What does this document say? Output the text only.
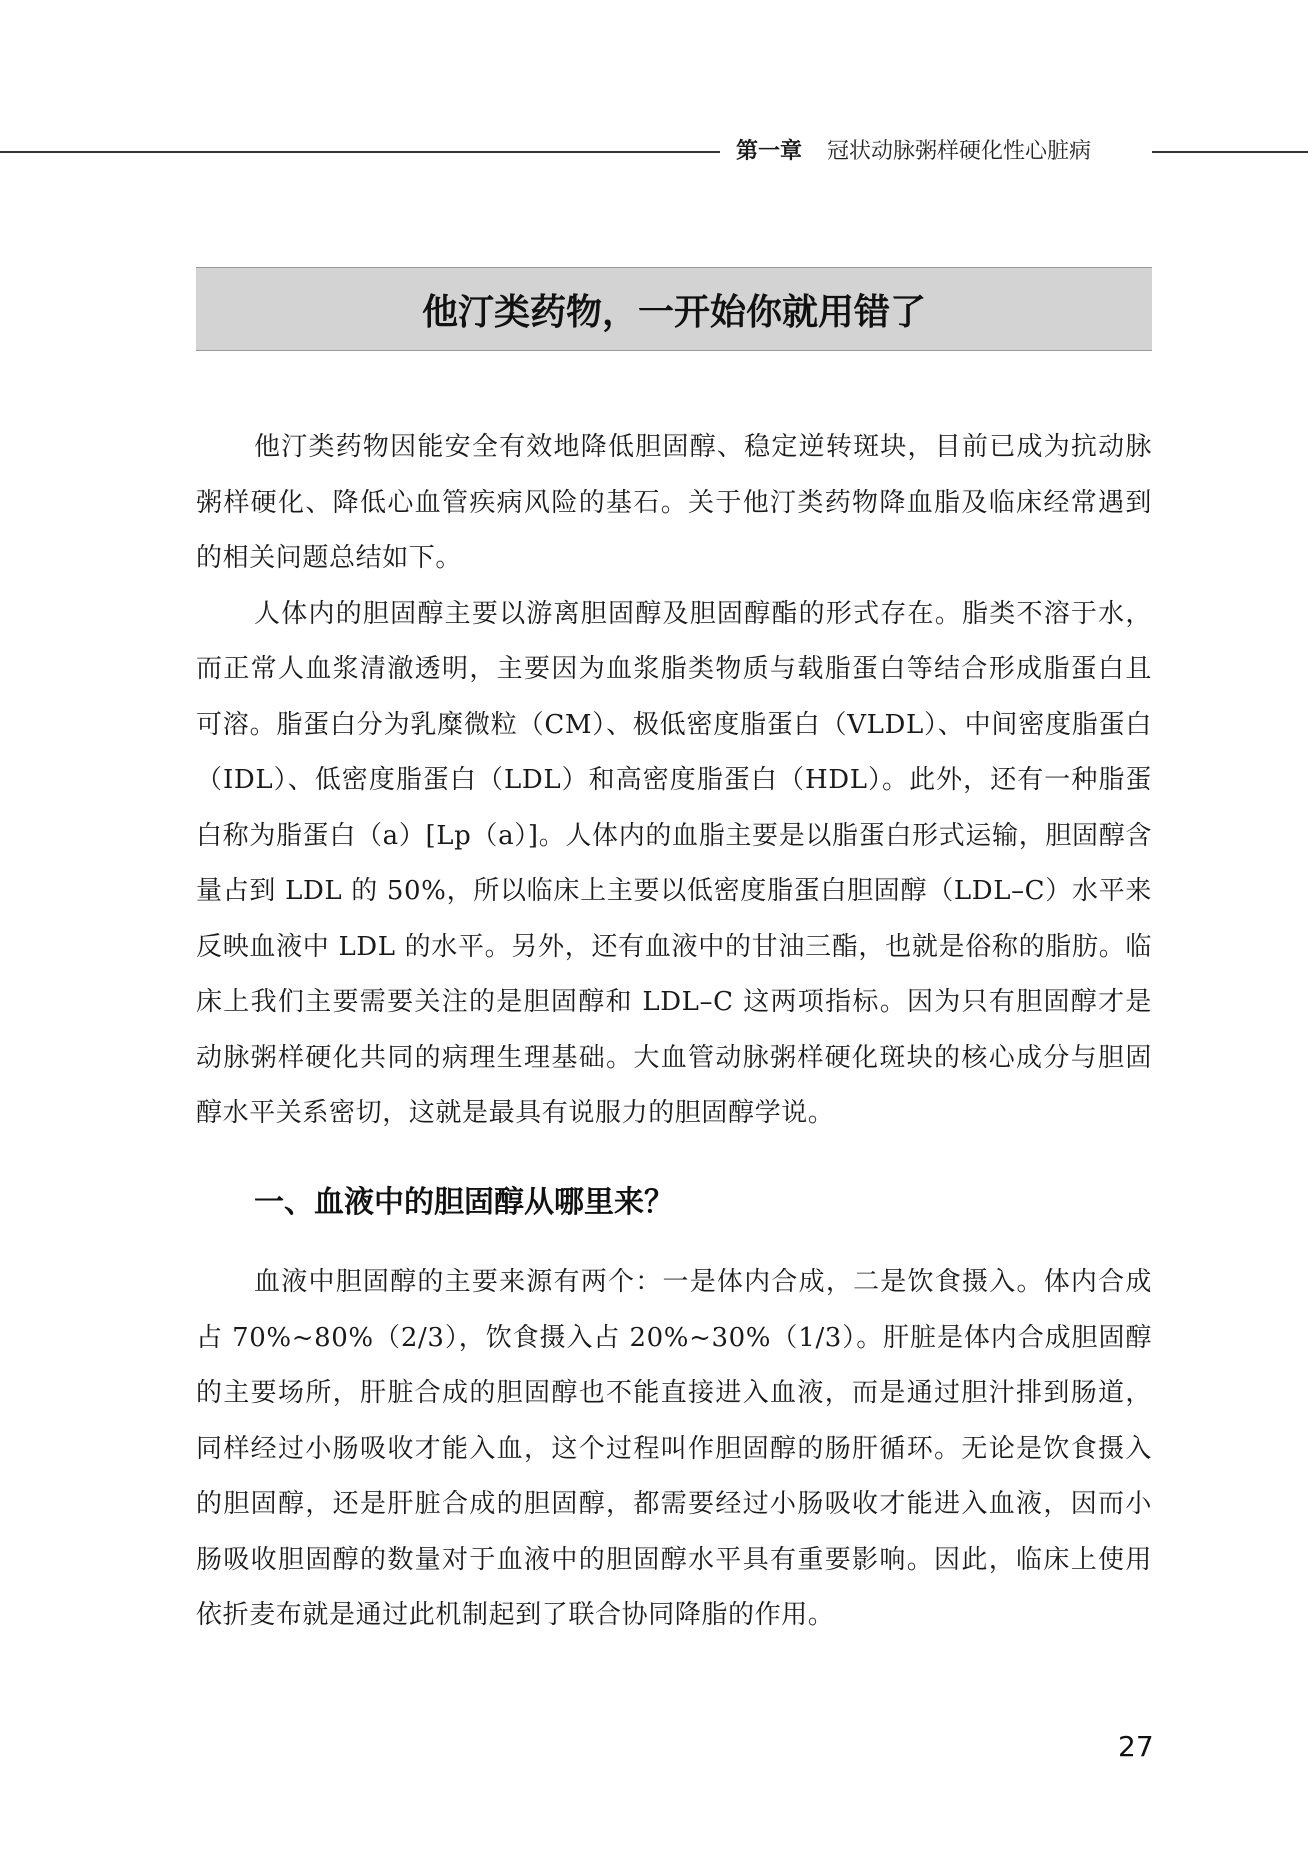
第一章 冠状动脉粥样硬化性心脏病
他汀类药物，一开始你就用错了

他汀类药物因能安全有效地降低胆固醇、稳定逆转斑块，目前已成为抗动脉粥样硬化、降低心血管疾病风险的基石。关于他汀类药物降血脂及临床经常遇到的相关问题总结如下。

人体内的胆固醇主要以游离胆固醇及胆固醇酯的形式存在。脂类不溶于水，而正常人血浆清澈透明，主要因为血浆脂类物质与载脂蛋白等结合形成脂蛋白且可溶。脂蛋白分为乳糜微粒（CM）、极低密度脂蛋白（VLDL）、中间密度脂蛋白（IDL）、低密度脂蛋白（LDL）和高密度脂蛋白（HDL）。此外，还有一种脂蛋白称为脂蛋白（a）[Lp（a）]。人体内的血脂主要是以脂蛋白形式运输，胆固醇含量占到 LDL 的 50%，所以临床上主要以低密度脂蛋白胆固醇（LDL–C）水平来反映血液中 LDL 的水平。另外，还有血液中的甘油三酯，也就是俗称的脂肪。临床上我们主要需要关注的是胆固醇和 LDL–C 这两项指标。因为只有胆固醇才是动脉粥样硬化共同的病理生理基础。大血管动脉粥样硬化斑块的核心成分与胆固醇水平关系密切，这就是最具有说服力的胆固醇学说。

一、血液中的胆固醇从哪里来？

血液中胆固醇的主要来源有两个：一是体内合成，二是饮食摄入。体内合成占 70%~80%（2/3），饮食摄入占 20%~30%（1/3）。肝脏是体内合成胆固醇的主要场所，肝脏合成的胆固醇也不能直接进入血液，而是通过胆汁排到肠道，同样经过小肠吸收才能入血，这个过程叫作胆固醇的肠肝循环。无论是饮食摄入的胆固醇，还是肝脏合成的胆固醇，都需要经过小肠吸收才能进入血液，因而小肠吸收胆固醇的数量对于血液中的胆固醇水平具有重要影响。因此，临床上使用依折麦布就是通过此机制起到了联合协同降脂的作用。

27
